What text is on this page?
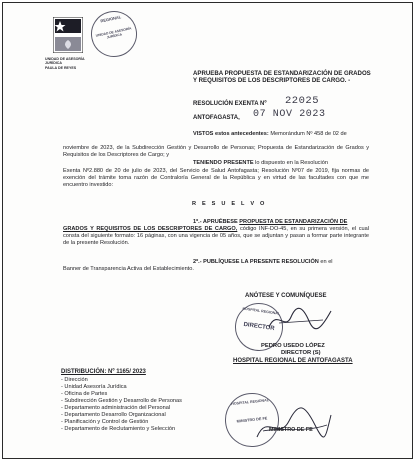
UNIDAD DE ASESORÍA JURÍDICA
PAULA DE REYES
REGIONAL
UNIDAD DE ASESORÍA JURÍDICA
APRUEBA PROPUESTA DE ESTANDARIZACIÓN DE GRADOS Y REQUISITOS DE LOS DESCRIPTORES DE CARGO. -
RESOLUCIÓN EXENTA Nº 22025
ANTOFAGASTA, 07 NOV 2023
VISTOS estos antecedentes: Memorándum Nº 458 de 02 de
noviembre de 2023, de la Subdirección Gestión y Desarrollo de Personas; Propuesta de Estandarización de Grados y Requisitos de los Descriptores de Cargo; y
TENIENDO PRESENTE lo dispuesto en la Resolución
Exenta Nº2.880 de 20 de julio de 2023, del Servicio de Salud Antofagasta; Resolución Nº07 de 2019, fija normas de exención del trámite toma razón de Contraloría General de la República y en virtud de las facultades con que me encuentro investido:
R E S U E L V O
1º.- APRUÉBESE PROPUESTA DE ESTANDARIZACIÓN DE
GRADOS Y REQUISITOS DE LOS DESCRIPTORES DE CARGO, código INF-DO-45, en su primera versión, el cual consta del siguiente formato: 16 páginas, con una vigencia de 05 años, que se adjuntan y pasan a formar parte integrante de la presente Resolución.
2º.- PUBLÍQUESE LA PRESENTE RESOLUCIÓN en el
Banner de Transparencia Activa del Establecimiento.
ANÓTESE Y COMUNÍQUESE
HOSPITAL REGIONAL
DIRECTOR
PEDRO USEDO LÓPEZ
DIRECTOR (S)
HOSPITAL REGIONAL DE ANTOFAGASTA
DISTRIBUCIÓN: Nº 1165/ 2023
- Dirección
- Unidad Asesoría Jurídica
- Oficina de Partes
- Subdirección Gestión y Desarrollo de Personas
- Departamento administración del Personal
- Departamento Desarrollo Organizacional
- Planificación y Control de Gestión
- Departamento de Reclutamiento y Selección
HOSPITAL REGIONAL
MINISTRO DE FE
MINISTRO DE FE
